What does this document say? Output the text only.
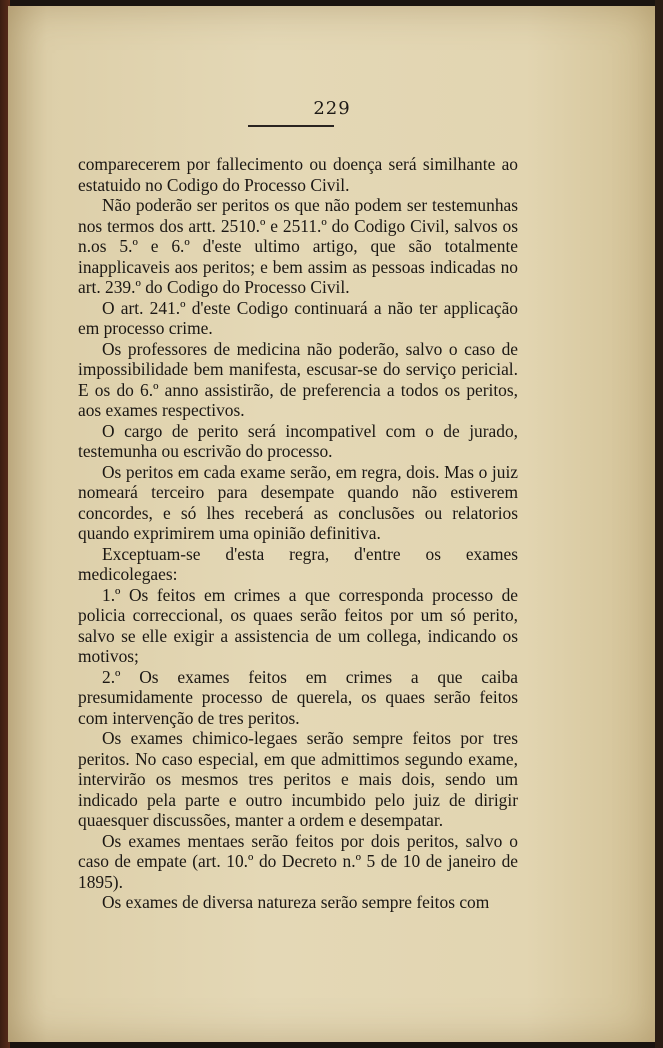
229

comparecerem por fallecimento ou doença será similhante ao estatuido no Codigo do Processo Civil.

Não poderão ser peritos os que não podem ser testemunhas nos termos dos artt. 2510.º e 2511.º do Codigo Civil, salvos os n.os 5.º e 6.º d'este ultimo artigo, que são totalmente inapplicaveis aos peritos; e bem assim as pessoas indicadas no art. 239.º do Codigo do Processo Civil.

O art. 241.º d'este Codigo continuará a não ter applicação em processo crime.

Os professores de medicina não poderão, salvo o caso de impossibilidade bem manifesta, escusar-se do serviço pericial. E os do 6.º anno assistirão, de preferencia a todos os peritos, aos exames respectivos.

O cargo de perito será incompativel com o de jurado, testemunha ou escrivão do processo.

Os peritos em cada exame serão, em regra, dois. Mas o juiz nomeará terceiro para desempate quando não estiverem concordes, e só lhes receberá as conclusões ou relatorios quando exprimirem uma opinião definitiva.

Exceptuam-se d'esta regra, d'entre os exames medicolegaes:

1.º Os feitos em crimes a que corresponda processo de policia correccional, os quaes serão feitos por um só perito, salvo se elle exigir a assistencia de um collega, indicando os motivos;

2.º Os exames feitos em crimes a que caiba presumidamente processo de querela, os quaes serão feitos com intervenção de tres peritos.

Os exames chimico-legaes serão sempre feitos por tres peritos. No caso especial, em que admittimos segundo exame, intervirão os mesmos tres peritos e mais dois, sendo um indicado pela parte e outro incumbido pelo juiz de dirigir quaesquer discussões, manter a ordem e desempatar.

Os exames mentaes serão feitos por dois peritos, salvo o caso de empate (art. 10.º do Decreto n.º 5 de 10 de janeiro de 1895).

Os exames de diversa natureza serão sempre feitos com
